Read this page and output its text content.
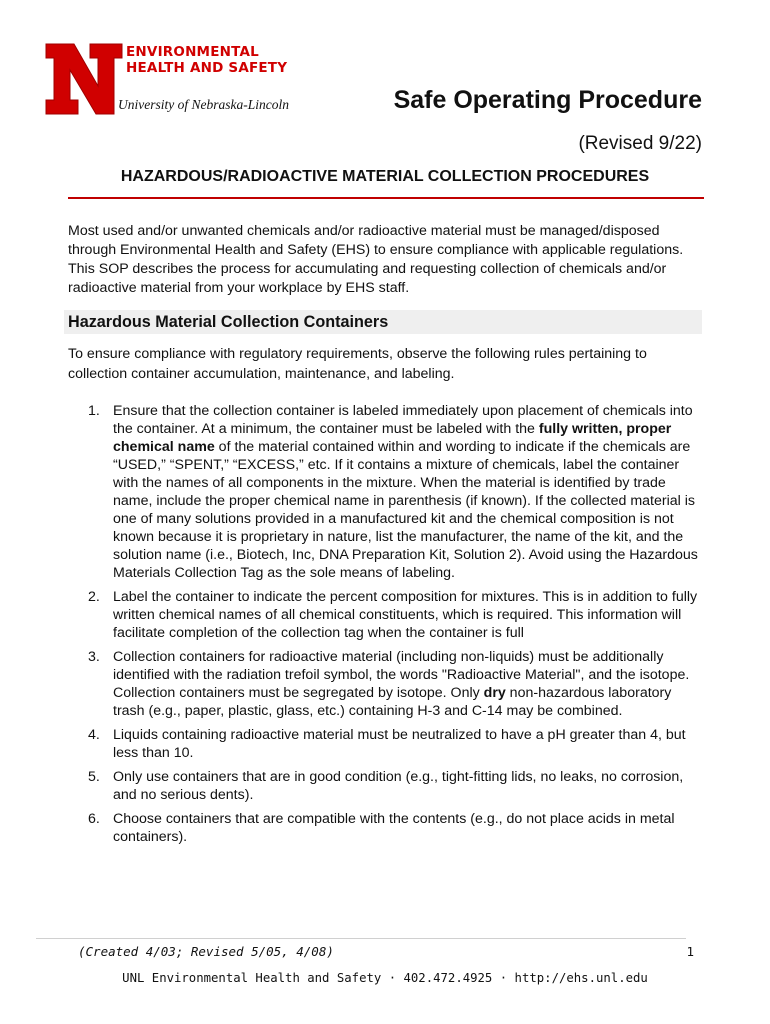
ENVIRONMENTAL
HEALTH AND SAFETY
University of Nebraska-Lincoln	Safe Operating Procedure
(Revised 9/22)
HAZARDOUS/RADIOACTIVE MATERIAL COLLECTION PROCEDURES
Most used and/or unwanted chemicals and/or radioactive material must be managed/disposed through Environmental Health and Safety (EHS) to ensure compliance with applicable regulations. This SOP describes the process for accumulating and requesting collection of chemicals and/or radioactive material from your workplace by EHS staff.
Hazardous Material Collection Containers
To ensure compliance with regulatory requirements, observe the following rules pertaining to collection container accumulation, maintenance, and labeling.
1. Ensure that the collection container is labeled immediately upon placement of chemicals into the container. At a minimum, the container must be labeled with the fully written, proper chemical name of the material contained within and wording to indicate if the chemicals are “USED,” “SPENT,” “EXCESS,” etc. If it contains a mixture of chemicals, label the container with the names of all components in the mixture. When the material is identified by trade name, include the proper chemical name in parenthesis (if known). If the collected material is one of many solutions provided in a manufactured kit and the chemical composition is not known because it is proprietary in nature, list the manufacturer, the name of the kit, and the solution name (i.e., Biotech, Inc, DNA Preparation Kit, Solution 2). Avoid using the Hazardous Materials Collection Tag as the sole means of labeling.
2. Label the container to indicate the percent composition for mixtures. This is in addition to fully written chemical names of all chemical constituents, which is required. This information will facilitate completion of the collection tag when the container is full
3. Collection containers for radioactive material (including non-liquids) must be additionally identified with the radiation trefoil symbol, the words "Radioactive Material", and the isotope. Collection containers must be segregated by isotope. Only dry non-hazardous laboratory trash (e.g., paper, plastic, glass, etc.) containing H-3 and C-14 may be combined.
4. Liquids containing radioactive material must be neutralized to have a pH greater than 4, but less than 10.
5. Only use containers that are in good condition (e.g., tight-fitting lids, no leaks, no corrosion, and no serious dents).
6. Choose containers that are compatible with the contents (e.g., do not place acids in metal containers).
(Created 4/03; Revised 5/05, 4/08)	1
UNL Environmental Health and Safety · 402.472.4925 · http://ehs.unl.edu
